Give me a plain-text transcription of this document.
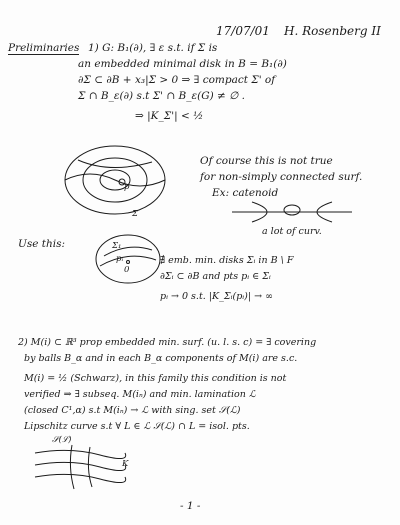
17/07/01 H. Rosenberg II
Preliminaries 1) G: B₁(∂), ∃ ε s.t. if Σ is
an embedded minimal disk in B = B₁(∂)
∂Σ ⊂ ∂B + x₃|Σ > 0 ⇒ ∃ compact Σ' of
Σ ∩ B_ε(∂) s.t Σ' ∩ B_ε(G) ≠ ∅ .
⇒ |K_Σ'| < ½
p
Σ
Of course this is not true
for non-simply connected surf.
Ex: catenoid
a lot of curv.
Use this:	Σ₁
pᵢ
0
∄ emb. min. disks Σᵢ in B \ F
∂Σᵢ ⊂ ∂B and pts pᵢ ∈ Σᵢ
pᵢ → 0 s.t. |K_Σᵢ(pᵢ)| → ∞
2) M(i) ⊂ ℝ³ prop embedded min. surf. (u. l. s. c) = ∃ covering
by balls B_α and in each B_α components of M(i) are s.c.
M(i) = ½ (Schwarz), in this family this condition is not
verified ⇒ ∃ subseq. M(iₙ) and min. lamination ℒ
(closed C¹,α) s.t M(iₙ) → ℒ with sing. set 𝒮(ℒ)
Lipschitz curve s.t ∀ L ∈ ℒ 𝒮(ℒ) ∩ L = isol. pts.
𝒮(ℒ)
K
- 1 -
